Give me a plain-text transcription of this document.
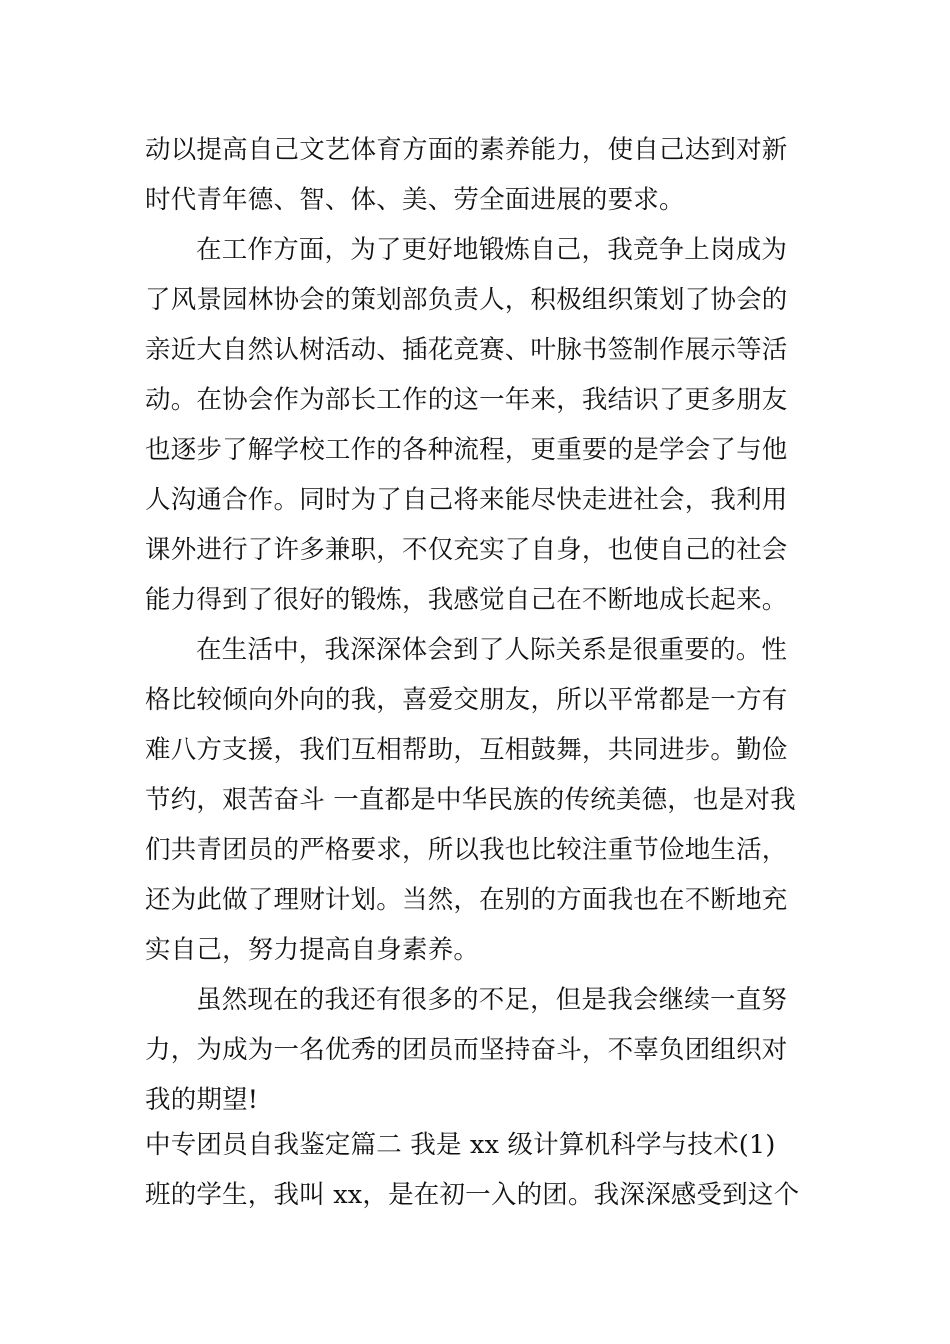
动以提高自己文艺体育方面的素养能力，使自己达到对新
时代青年德、智、体、美、劳全面进展的要求。
在工作方面，为了更好地锻炼自己，我竞争上岗成为
了风景园林协会的策划部负责人，积极组织策划了协会的
亲近大自然认树活动、插花竞赛、叶脉书签制作展示等活
动。在协会作为部长工作的这一年来，我结识了更多朋友
也逐步了解学校工作的各种流程，更重要的是学会了与他
人沟通合作。同时为了自己将来能尽快走进社会，我利用
课外进行了许多兼职，不仅充实了自身，也使自己的社会
能力得到了很好的锻炼，我感觉自己在不断地成长起来。
在生活中，我深深体会到了人际关系是很重要的。性
格比较倾向外向的我，喜爱交朋友，所以平常都是一方有
难八方支援，我们互相帮助，互相鼓舞，共同进步。勤俭
节约，艰苦奋斗 一直都是中华民族的传统美德，也是对我
们共青团员的严格要求，所以我也比较注重节俭地生活，
还为此做了理财计划。当然，在别的方面我也在不断地充
实自己，努力提高自身素养。
虽然现在的我还有很多的不足，但是我会继续一直努
力，为成为一名优秀的团员而坚持奋斗，不辜负团组织对
我的期望!
中专团员自我鉴定篇二 我是 xx 级计算机科学与技术(1)
班的学生，我叫 xx，是在初一入的团。我深深感受到这个
